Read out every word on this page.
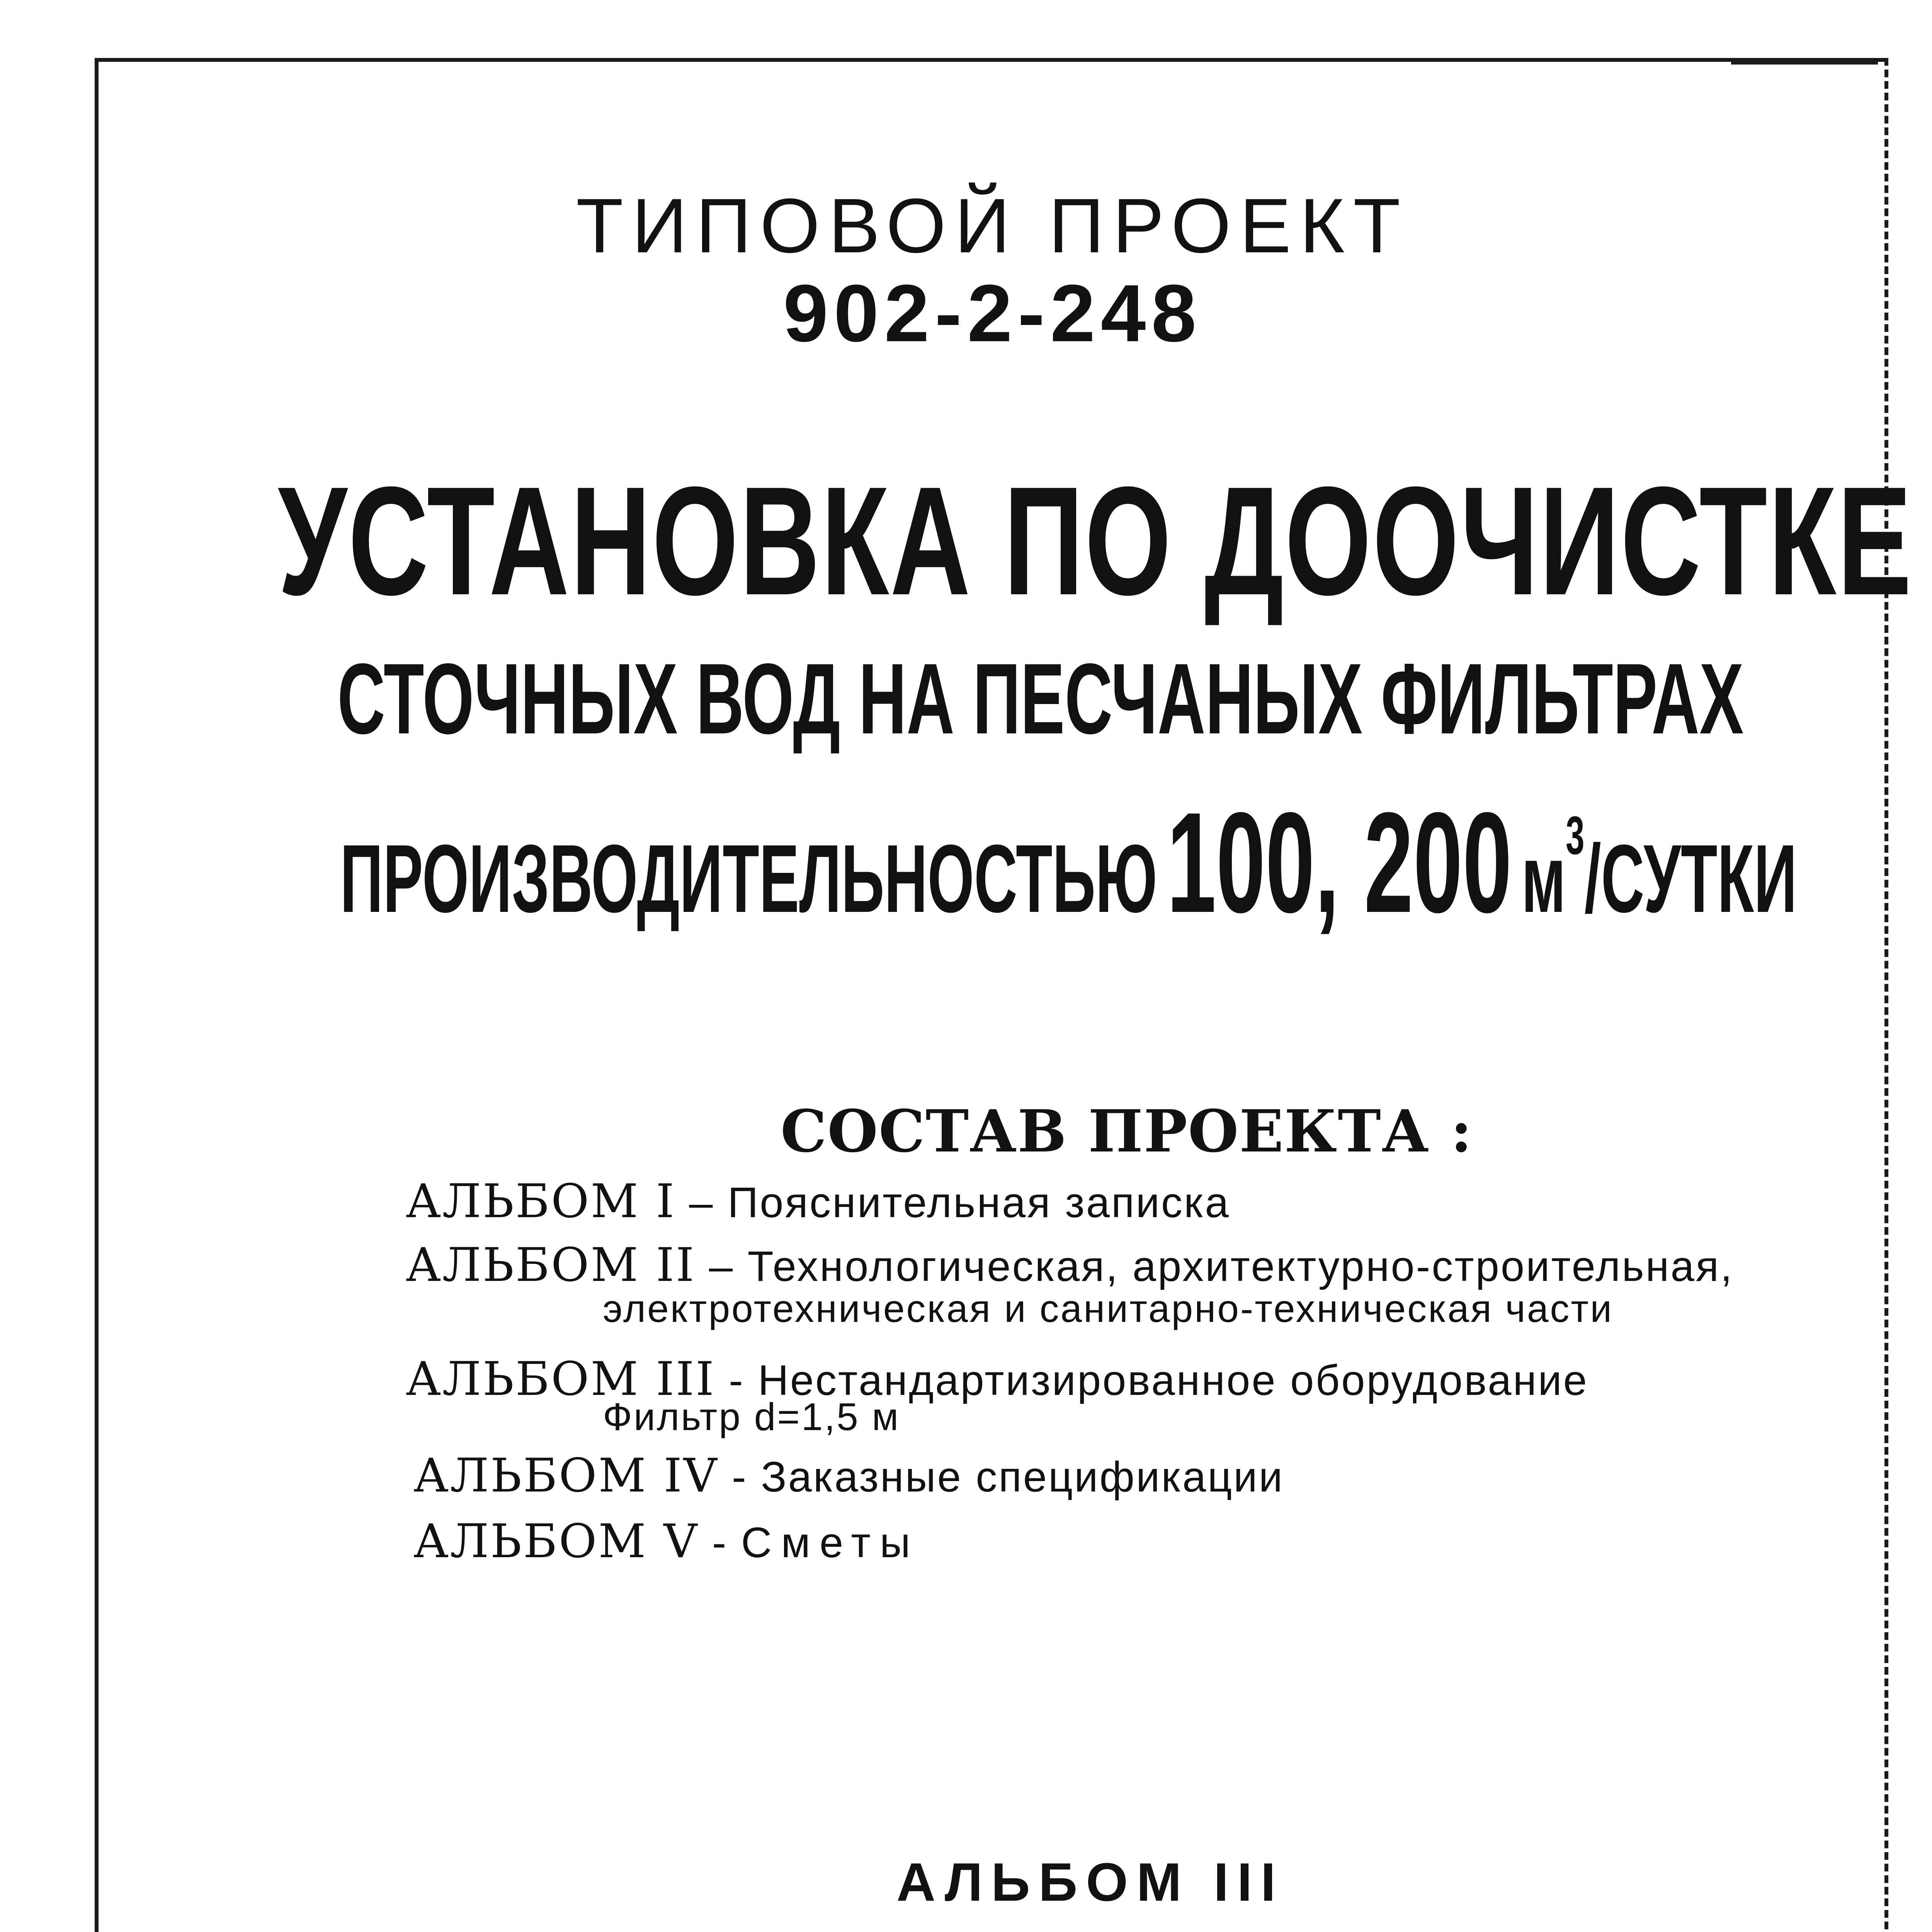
ТИПОВОЙ ПРОЕКТ
902-2-248
УСТАНОВКА ПО ДООЧИСТКЕ
СТОЧНЫХ ВОД НА ПЕСЧАНЫХ ФИЛЬТРАХ
ПРОИЗВОДИТЕЛЬНОСТЬЮ100, 200м3/СУТКИ
СОСТАВ ПРОЕКТА :
АЛЬБОМ I – Пояснительная записка
АЛЬБОМ II – Технологическая, архитектурно-строительная,
электротехническая и санитарно-техническая части
АЛЬБОМ III - Нестандартизированное оборудование
Фильтр d=1,5 м
АЛЬБОМ IV - Заказные спецификации
АЛЬБОМ V - Сметы
АЛЬБОМ III
